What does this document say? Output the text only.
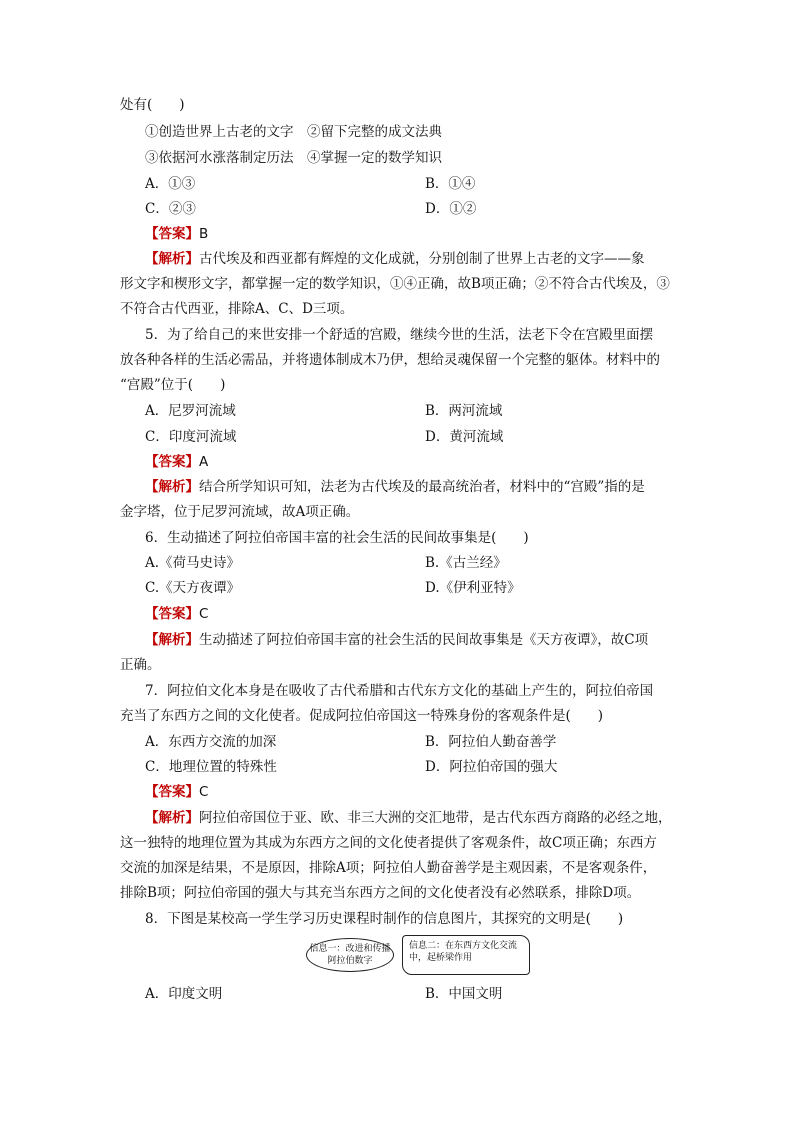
处有(　　)
①创造世界上古老的文字　②留下完整的成文法典
③依据河水涨落制定历法　④掌握一定的数学知识
A．①③	B．①④
C．②③	D．①②
【答案】B
【解析】古代埃及和西亚都有辉煌的文化成就，分别创制了世界上古老的文字——象
形文字和楔形文字，都掌握一定的数学知识，①④正确，故B项正确；②不符合古代埃及，③
不符合古代西亚，排除A、C、D三项。
5．为了给自己的来世安排一个舒适的宫殿，继续今世的生活，法老下令在宫殿里面摆
放各种各样的生活必需品，并将遗体制成木乃伊，想给灵魂保留一个完整的躯体。材料中的
“宫殿”位于(　　)
A．尼罗河流域	B．两河流域
C．印度河流域	D．黄河流域
【答案】A
【解析】结合所学知识可知，法老为古代埃及的最高统治者，材料中的“宫殿”指的是
金字塔，位于尼罗河流域，故A项正确。
6．生动描述了阿拉伯帝国丰富的社会生活的民间故事集是(　　)
A.《荷马史诗》	B.《古兰经》
C.《天方夜谭》	D.《伊利亚特》
【答案】C
【解析】生动描述了阿拉伯帝国丰富的社会生活的民间故事集是《天方夜谭》，故C项
正确。
7．阿拉伯文化本身是在吸收了古代希腊和古代东方文化的基础上产生的，阿拉伯帝国
充当了东西方之间的文化使者。促成阿拉伯帝国这一特殊身份的客观条件是(　　)
A．东西方交流的加深	B．阿拉伯人勤奋善学
C．地理位置的特殊性	D．阿拉伯帝国的强大
【答案】C
【解析】阿拉伯帝国位于亚、欧、非三大洲的交汇地带，是古代东西方商路的必经之地，
这一独特的地理位置为其成为东西方之间的文化使者提供了客观条件，故C项正确；东西方
交流的加深是结果，不是原因，排除A项；阿拉伯人勤奋善学是主观因素，不是客观条件，
排除B项；阿拉伯帝国的强大与其充当东西方之间的文化使者没有必然联系，排除D项。
8．下图是某校高一学生学习历史课程时制作的信息图片，其探究的文明是(　　)
信息一：改进和传播阿拉伯数字
信息二：在东西方文化交流中，起桥梁作用
A．印度文明	B．中国文明
